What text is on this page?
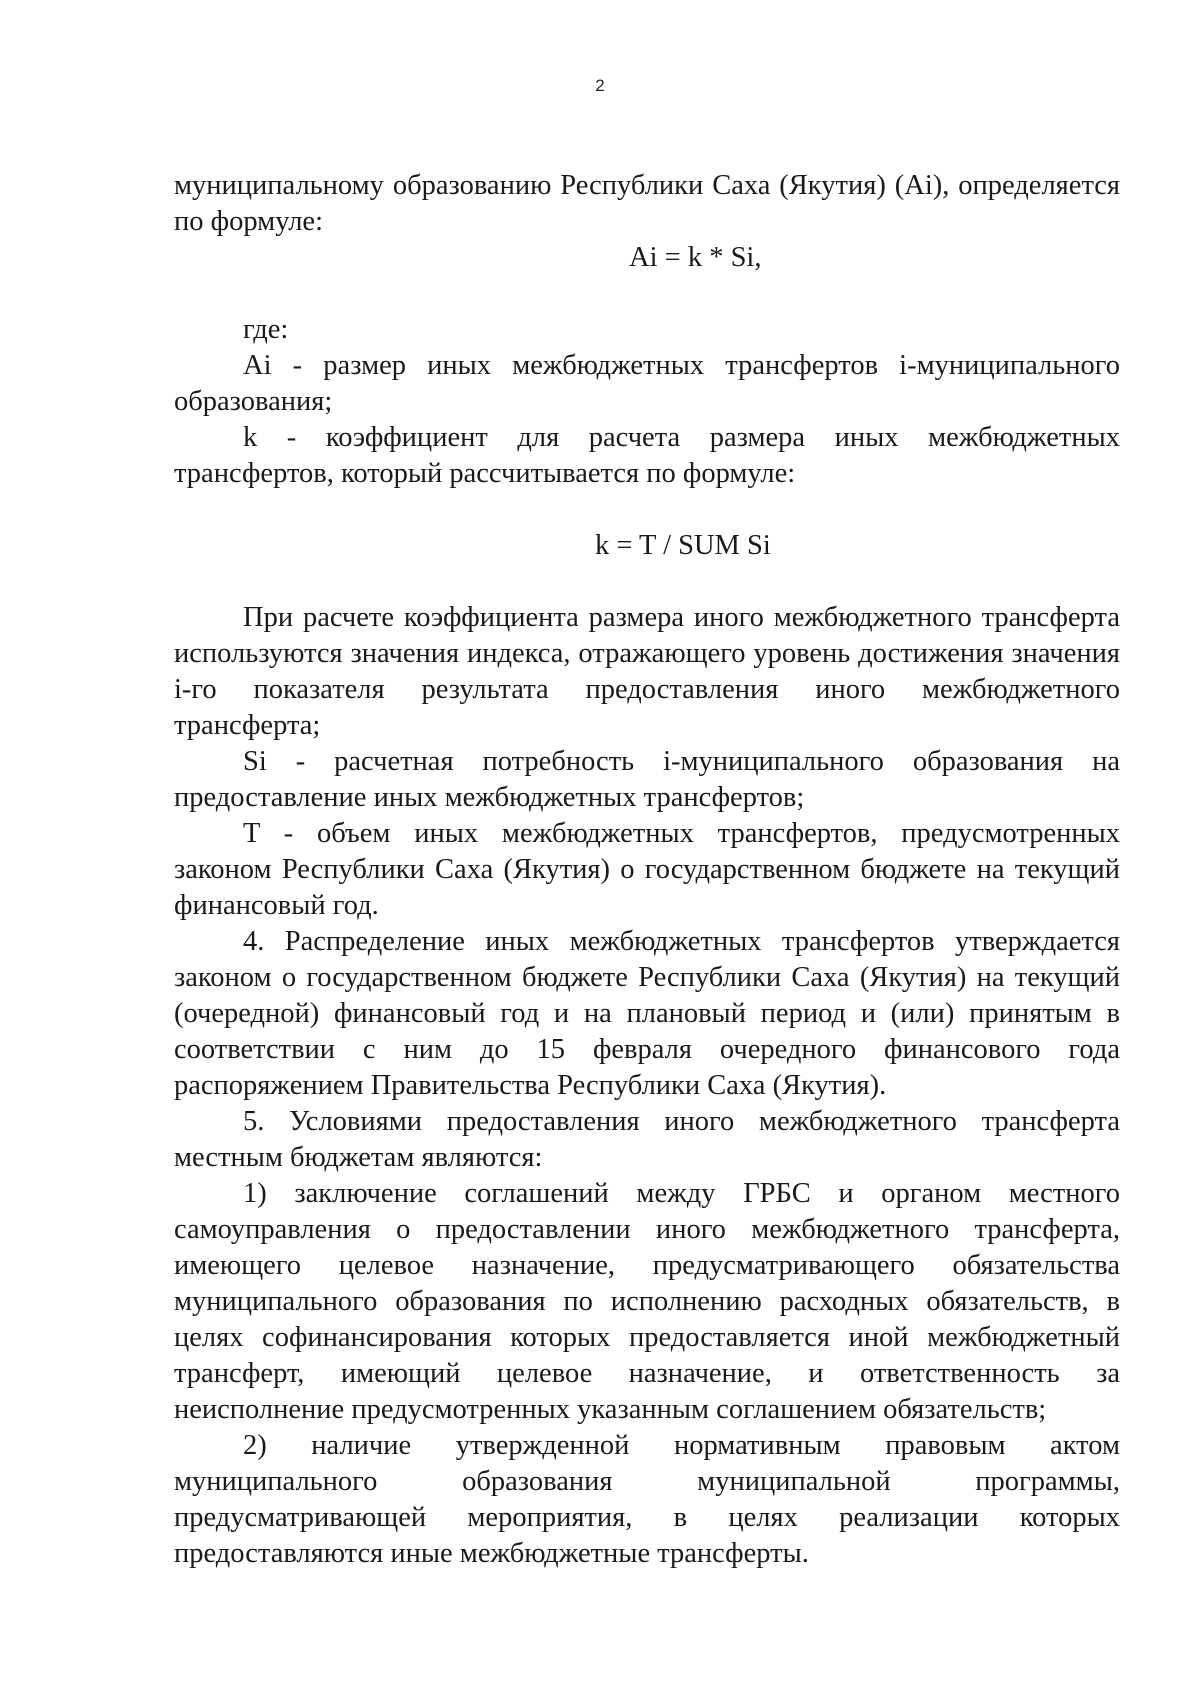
2

муниципальному образованию Республики Саха (Якутия) (Ai), определяется по формуле:

Ai = k * Si,

где:

Ai - размер иных межбюджетных трансфертов i-муниципального образования;

k - коэффициент для расчета размера иных межбюджетных трансфертов, который рассчитывается по формуле:

k = T / SUM Si

При расчете коэффициента размера иного межбюджетного трансферта используются значения индекса, отражающего уровень достижения значения i-го показателя результата предоставления иного межбюджетного трансферта;

Si - расчетная потребность i-муниципального образования на предоставление иных межбюджетных трансфертов;

T - объем иных межбюджетных трансфертов, предусмотренных законом Республики Саха (Якутия) о государственном бюджете на текущий финансовый год.

4. Распределение иных межбюджетных трансфертов утверждается законом о государственном бюджете Республики Саха (Якутия) на текущий (очередной) финансовый год и на плановый период и (или) принятым в соответствии с ним до 15 февраля очередного финансового года распоряжением Правительства Республики Саха (Якутия).

5. Условиями предоставления иного межбюджетного трансферта местным бюджетам являются:

1) заключение соглашений между ГРБС и органом местного самоуправления о предоставлении иного межбюджетного трансферта, имеющего целевое назначение, предусматривающего обязательства муниципального образования по исполнению расходных обязательств, в целях софинансирования которых предоставляется иной межбюджетный трансферт, имеющий целевое назначение, и ответственность за неисполнение предусмотренных указанным соглашением обязательств;

2) наличие утвержденной нормативным правовым актом муниципального образования муниципальной программы, предусматривающей мероприятия, в целях реализации которых предоставляются иные межбюджетные трансферты.
